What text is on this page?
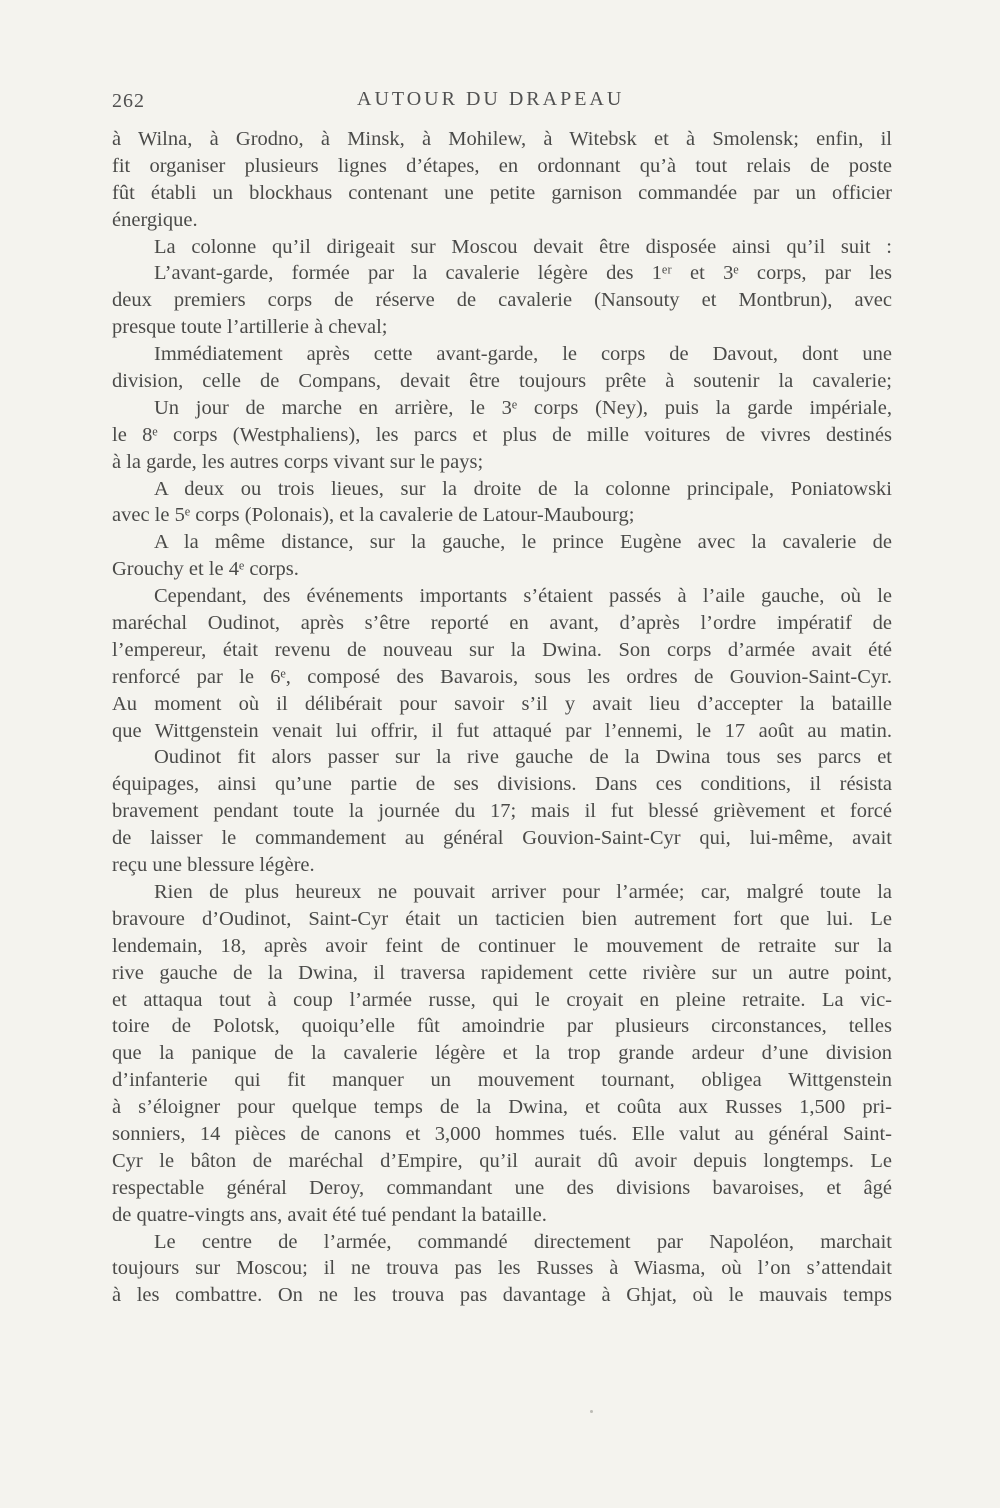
262	AUTOUR DU DRAPEAU
à Wilna, à Grodno, à Minsk, à Mohilew, à Witebsk et à Smolensk; enfin, il
fit organiser plusieurs lignes d’étapes, en ordonnant qu’à tout relais de poste
fût établi un blockhaus contenant une petite garnison commandée par un officier
énergique.
La colonne qu’il dirigeait sur Moscou devait être disposée ainsi qu’il suit :
L’avant-garde, formée par la cavalerie légère des 1ᵉʳ et 3ᵉ corps, par les
deux premiers corps de réserve de cavalerie (Nansouty et Montbrun), avec
presque toute l’artillerie à cheval;
Immédiatement après cette avant-garde, le corps de Davout, dont une
division, celle de Compans, devait être toujours prête à soutenir la cavalerie;
Un jour de marche en arrière, le 3ᵉ corps (Ney), puis la garde impériale,
le 8ᵉ corps (Westphaliens), les parcs et plus de mille voitures de vivres destinés
à la garde, les autres corps vivant sur le pays;
A deux ou trois lieues, sur la droite de la colonne principale, Poniatowski
avec le 5ᵉ corps (Polonais), et la cavalerie de Latour-Maubourg;
A la même distance, sur la gauche, le prince Eugène avec la cavalerie de
Grouchy et le 4ᵉ corps.
Cependant, des événements importants s’étaient passés à l’aile gauche, où le
maréchal Oudinot, après s’être reporté en avant, d’après l’ordre impératif de
l’empereur, était revenu de nouveau sur la Dwina. Son corps d’armée avait été
renforcé par le 6ᵉ, composé des Bavarois, sous les ordres de Gouvion-Saint-Cyr.
Au moment où il délibérait pour savoir s’il y avait lieu d’accepter la bataille
que Wittgenstein venait lui offrir, il fut attaqué par l’ennemi, le 17 août au matin.
Oudinot fit alors passer sur la rive gauche de la Dwina tous ses parcs et
équipages, ainsi qu’une partie de ses divisions. Dans ces conditions, il résista
bravement pendant toute la journée du 17; mais il fut blessé grièvement et forcé
de laisser le commandement au général Gouvion-Saint-Cyr qui, lui-même, avait
reçu une blessure légère.
Rien de plus heureux ne pouvait arriver pour l’armée; car, malgré toute la
bravoure d’Oudinot, Saint-Cyr était un tacticien bien autrement fort que lui. Le
lendemain, 18, après avoir feint de continuer le mouvement de retraite sur la
rive gauche de la Dwina, il traversa rapidement cette rivière sur un autre point,
et attaqua tout à coup l’armée russe, qui le croyait en pleine retraite. La vic-
toire de Polotsk, quoiqu’elle fût amoindrie par plusieurs circonstances, telles
que la panique de la cavalerie légère et la trop grande ardeur d’une division
d’infanterie qui fit manquer un mouvement tournant, obligea Wittgenstein
à s’éloigner pour quelque temps de la Dwina, et coûta aux Russes 1,500 pri-
sonniers, 14 pièces de canons et 3,000 hommes tués. Elle valut au général Saint-
Cyr le bâton de maréchal d’Empire, qu’il aurait dû avoir depuis longtemps. Le
respectable général Deroy, commandant une des divisions bavaroises, et âgé
de quatre-vingts ans, avait été tué pendant la bataille.
Le centre de l’armée, commandé directement par Napoléon, marchait
toujours sur Moscou; il ne trouva pas les Russes à Wiasma, où l’on s’attendait
à les combattre. On ne les trouva pas davantage à Ghjat, où le mauvais temps
